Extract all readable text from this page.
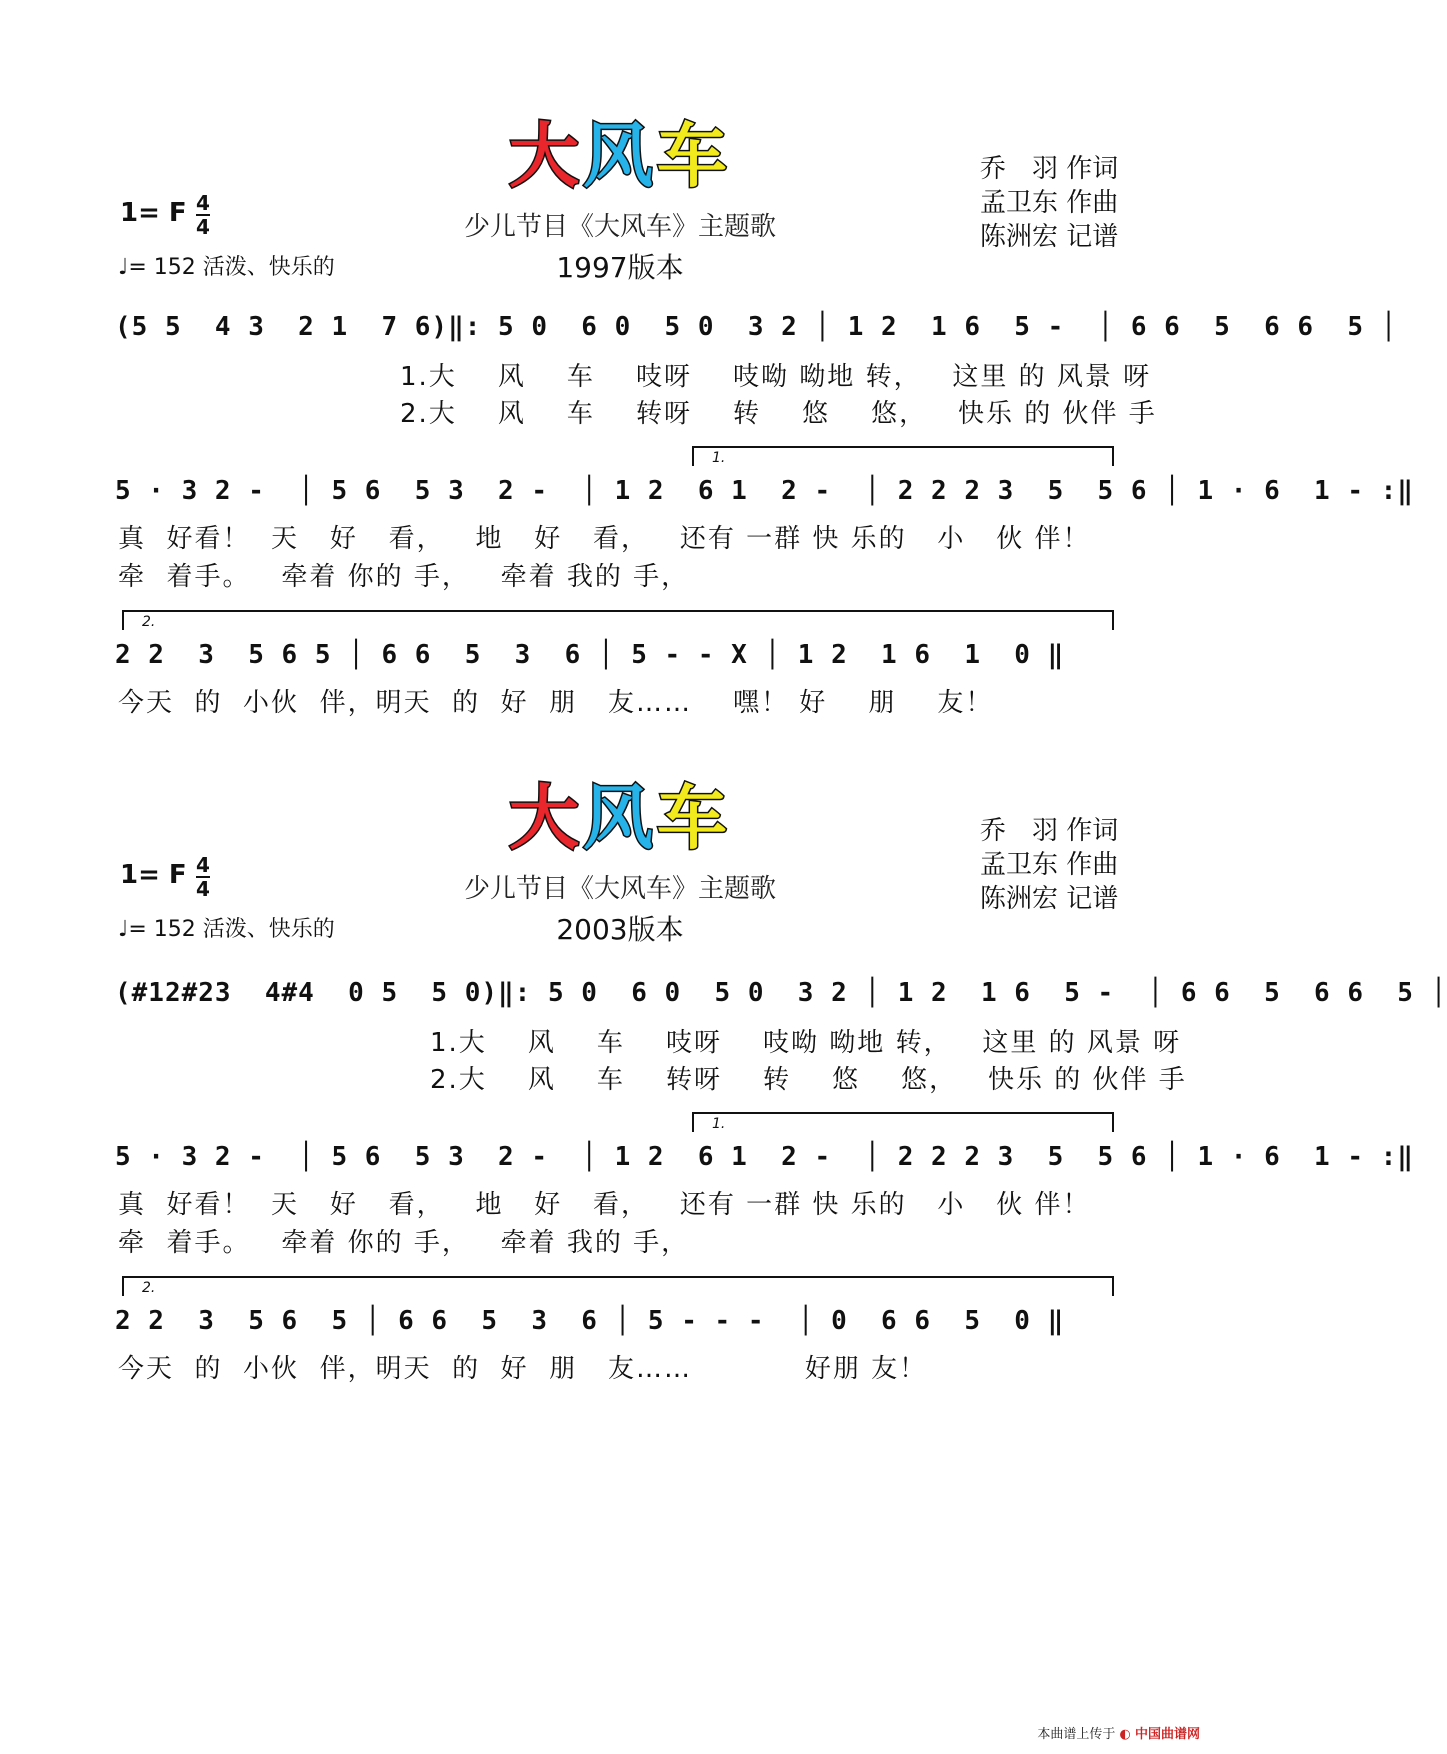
大风车	乔　羽 作词
孟卫东 作曲
陈洲宏 记谱
1= F $\frac{4}{4}$
♩= 152 活泼、快乐的
少儿节目《大风车》主题歌
1997版本
(5 5  4 3  2 1  7 6)‖: 5 0  6 0  5 0  3 2 │ 1 2  1 6  5 -  │ 6 6  5  6 6  5 │
1.大    风    车    吱呀    吱呦 呦地 转，   这里 的 风景 呀
2.大    风    车    转呀    转    悠    悠，   快乐 的 伙伴 手
1.
5 · 3 2 -  │ 5 6  5 3  2 -  │ 1 2  6 1  2 -  │ 2 2 2 3  5  5 6 │ 1 · 6  1 - :‖
真  好看！  天   好   看，   地   好   看，   还有 一群 快 乐的   小   伙 伴！
牵  着手。   牵着 你的 手，   牵着 我的 手，
2.
2 2  3  5 6 5 │ 6 6  5  3  6 │ 5 - - X │ 1 2  1 6  1  0 ‖
今天  的  小伙  伴，明天  的  好  朋   友……    嘿！ 好    朋    友！
大风车	乔　羽 作词
孟卫东 作曲
陈洲宏 记谱
1= F $\frac{4}{4}$
♩= 152 活泼、快乐的
少儿节目《大风车》主题歌
2003版本
(#12#23  4#4  0 5  5 0)‖: 5 0  6 0  5 0  3 2 │ 1 2  1 6  5 -  │ 6 6  5  6 6  5 │
1.大    风    车    吱呀    吱呦 呦地 转，   这里 的 风景 呀
2.大    风    车    转呀    转    悠    悠，   快乐 的 伙伴 手
1.
5 · 3 2 -  │ 5 6  5 3  2 -  │ 1 2  6 1  2 -  │ 2 2 2 3  5  5 6 │ 1 · 6  1 - :‖
真  好看！  天   好   看，   地   好   看，   还有 一群 快 乐的   小   伙 伴！
牵  着手。   牵着 你的 手，   牵着 我的 手，
2.
2 2  3  5 6  5 │ 6 6  5  3  6 │ 5 - - -  │ 0  6 6  5  0 ‖
今天  的  小伙  伴，明天  的  好  朋   友……           好朋 友！
本曲谱上传于 ◐ 中国曲谱网
